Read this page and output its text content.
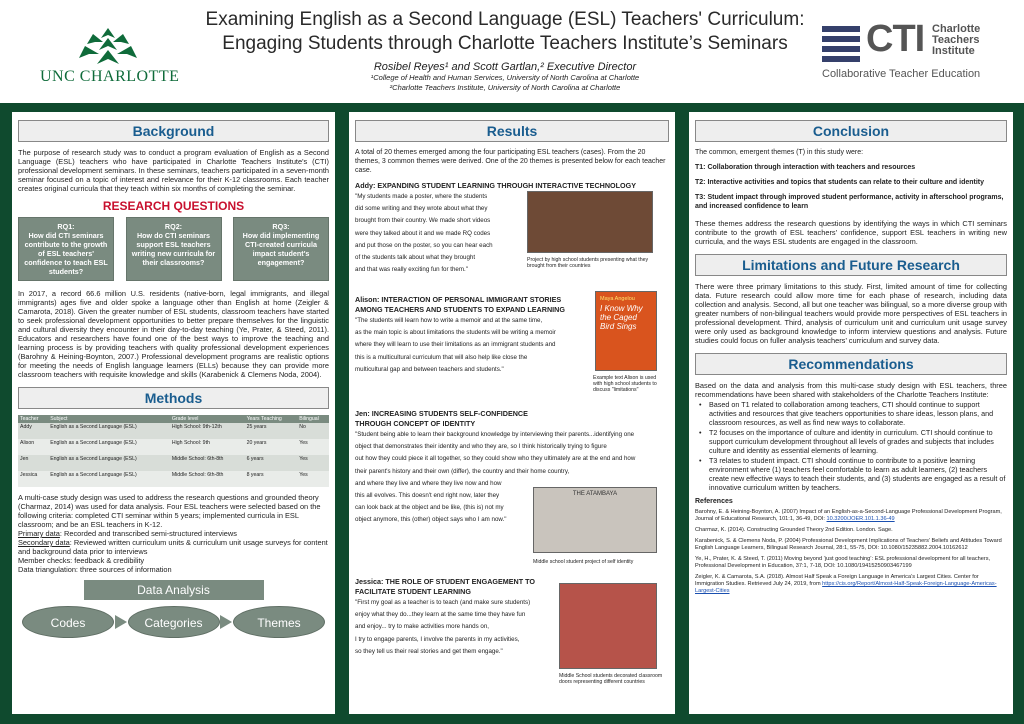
UNC CHARLOTTE
Examining English as a Second Language (ESL) Teachers' Curriculum:
Engaging Students through Charlotte Teachers Institute’s Seminars
Rosibel Reyes¹ and Scott Gartlan,² Executive Director
¹College of Health and Human Services, University of North Carolina at Charlotte
²Charlotte Teachers Institute, University of North Carolina at Charlotte
CTI Charlotte
Teachers
Institute
Collaborative Teacher Education
Background
The purpose of research study was to conduct a program evaluation of English as a Second Language (ESL) teachers who have participated in Charlotte Teachers Institute's (CTI) professional development seminars. In these seminars, teachers participated in a seven-month seminar focused on a topic of interest and relevance for their K-12 classrooms. Each teacher creates original curricula that they teach within six months of completing the seminar.
RESEARCH QUESTIONS
RQ1:
How did CTI seminars contribute to the growth of ESL teachers' confidence to teach ESL students?
RQ2:
How do CTI seminars support ESL teachers writing new curricula for their classrooms?
RQ3:
How did implementing CTI-created curricula impact student's engagement?
In 2017, a record 66.6 million U.S. residents (native-born, legal immigrants, and illegal immigrants) ages five and older spoke a language other than English at home (Zeigler & Camarota, 2018). Given the greater number of ESL students, classroom teachers have started to seek professional development opportunities to better prepare themselves for the linguistic and cultural diversity they encounter in their day-to-day teaching (Ye, Prater, & Steed, 2011). Educators and researchers have found one of the best ways to improve the teaching and learning process is by providing teachers with quality professional development experiences (Barohny & Heining-Boynton, 2007.) Professional development programs are realistic options for meeting the needs of English language learners (ELLs) because they can provide more classroom teachers with requisite knowledge and skills (Karabenick & Clemens Noda, 2004).
Methods
Teacher	Subject	Grade level	Years Teaching	Bilingual
Addy	English as a Second Language (ESL)	High School: 9th-12th	25 years	No
Alison	English as a Second Language (ESL)	High School: 9th	20 years	Yes
Jen	English as a Second Language (ESL)	Middle School: 6th-8th	6 years	Yes
Jessica	English as a Second Language (ESL)	Middle School: 6th-8th	8 years	Yes
A multi-case study design was used to address the research questions and grounded theory (Charmaz, 2014) was used for data analysis. Four ESL teachers were selected based on the following criteria: completed CTI seminar within 5 years; implemented curricula in ESL classroom; and be an ESL teachers in K-12.
Primary data: Recorded and transcribed semi-structured interviews
Secondary data: Reviewed written curriculum units & curriculum unit usage surveys for content and background data prior to interviews
Member checks: feedback & credibility
Data triangulation: three sources of information
Data Analysis
Codes	Categories	Themes
Results
A total of 20 themes emerged among the four participating ESL teachers (cases). From the 20 themes, 3 common themes were derived. One of the 20 themes is presented below for each teacher case.
Addy: EXPANDING STUDENT LEARNING THROUGH INTERACTIVE TECHNOLOGY
"My students made a poster, where the students
did some writing and they wrote about what they
brought from their country. We made short videos
were they talked about it and we made RQ codes
and put those on the poster, so you can hear each
of the students talk about what they brought
and that was really exciting fun for them."
Project by high school students presenting what they brought from their countries
Alison: INTERACTION OF PERSONAL IMMIGRANT STORIES AMONG TEACHERS AND STUDENTS TO EXPAND LEARNING
"The students will learn how to write a memoir and at the same time,
as the main topic is about limitations the students will be writing a memoir
where they will learn to use their limitations as an immigrant students and
this is a multicultural curriculum that will also help like close the
multicultural gap and between teachers and students."
Maya Angelou
I Know Why the Caged Bird Sings
Example text Alison is used with high school students to discuss "limitations"
Jen: INCREASING STUDENTS SELF-CONFIDENCE THROUGH CONCEPT OF IDENTITY
"Student being able to learn their background knowledge by interviewing their parents...identifying one
object that demonstrates their identity and who they are, so I think historically trying to figure
out how they could piece it all together, so they could show who they ultimately are at the end and how
their parent's history and their own (differ), the country and their home country,
and where they live and where they live now and how
this all evolves. This doesn't end right now, later they
can look back at the object and be like, (this is) not my
object anymore, this (other) object says who I am now."
THE ATAMBAYA
Middle school student project of self identity
Jessica: THE ROLE OF STUDENT ENGAGEMENT TO FACILITATE STUDENT LEARNING
"First my goal as a teacher is to teach (and make sure students)
enjoy what they do...they learn at the same time they have fun
and enjoy... try to make activities more hands on,
I try to engage parents, I involve the parents in my activities,
so they tell us their real stories and get them engage."
Middle School students decorated classroom doors representing different countries
Conclusion
The common, emergent themes (T) in this study were:
T1: Collaboration through interaction with teachers and resources
T2: Interactive activities and topics that students can relate to their culture and identity
T3: Student impact through improved student performance, activity in afterschool programs, and increased confidence to learn
These themes address the research questions by identifying the ways in which CTI seminars contribute to the growth of ESL teachers’ confidence, support ESL teachers in writing new curricula, and the ways ESL students are engaged in the classroom.
Limitations and Future Research
There were three primary limitations to this study. First, limited amount of time for collecting data. Future research could allow more time for each phase of research, including data collection and analysis. Second, all but one teacher was bilingual, so a more diverse group with greater numbers of non-bilingual teachers would provide more perspectives of ESL teachers in professional development. Third, analysis of curriculum unit and curriculum unit usage survey were only used as background knowledge to inform interview questions and analysis. Future studies could focus on fuller analysis teachers’ curriculum and survey data.
Recommendations
Based on the data and analysis from this multi-case study design with ESL teachers, three recommendations have been shared with stakeholders of the Charlotte Teachers Institute:
• Based on T1 related to collaboration among teachers, CTI should continue to support activities and resources that give teachers opportunities to share ideas, lesson plans, and classroom resources, as well as find new ways to collaborate.
• T2 focuses on the importance of culture and identity in curriculum. CTI should continue to support curriculum development throughout all levels of grades and subjects that includes culture and identity as essential elements of learning.
• T3 relates to student impact. CTI should continue to contribute to a positive learning environment where (1) teachers feel comfortable to learn as adult learners, (2) teachers create new effective ways to teach their students, and (3) students are engaged as a result of innovative curriculum written by teachers.
References
Barohny, E. & Heining-Boynton, A. (2007) Impact of an English-as-a-Second-Language Professional Development Program, Journal of Educational Research, 101:1, 36-49, DOI: 10.3200/JOER.101.1.36-49
Charmaz, K. (2014). Constructing Grounded Theory 2nd Edition. London. Sage.
Karabenick, S. & Clemens Noda, P. (2004) Professional Development Implications of Teachers’ Beliefs and Attitudes Toward English Language Learners, Bilingual Research Journal, 28:1, 55-75, DOI: 10.1080/15235882.2004.10162612
Ye, H., Prater, K. & Steed, T. (2011) Moving beyond ‘just good teaching’: ESL professional development for all teachers, Professional Development in Education, 37:1, 7-18, DOI: 10.1080/19415250903467199
Zeigler, K. & Camarota, S.A. (2018). Almost Half Speak a Foreign Language in America’s Largest Cities. Center for Immigration Studies. Retrieved July 24, 2019, from https://cis.org/Report/Almost-Half-Speak-Foreign-Language-Americas-Largest-Cities
